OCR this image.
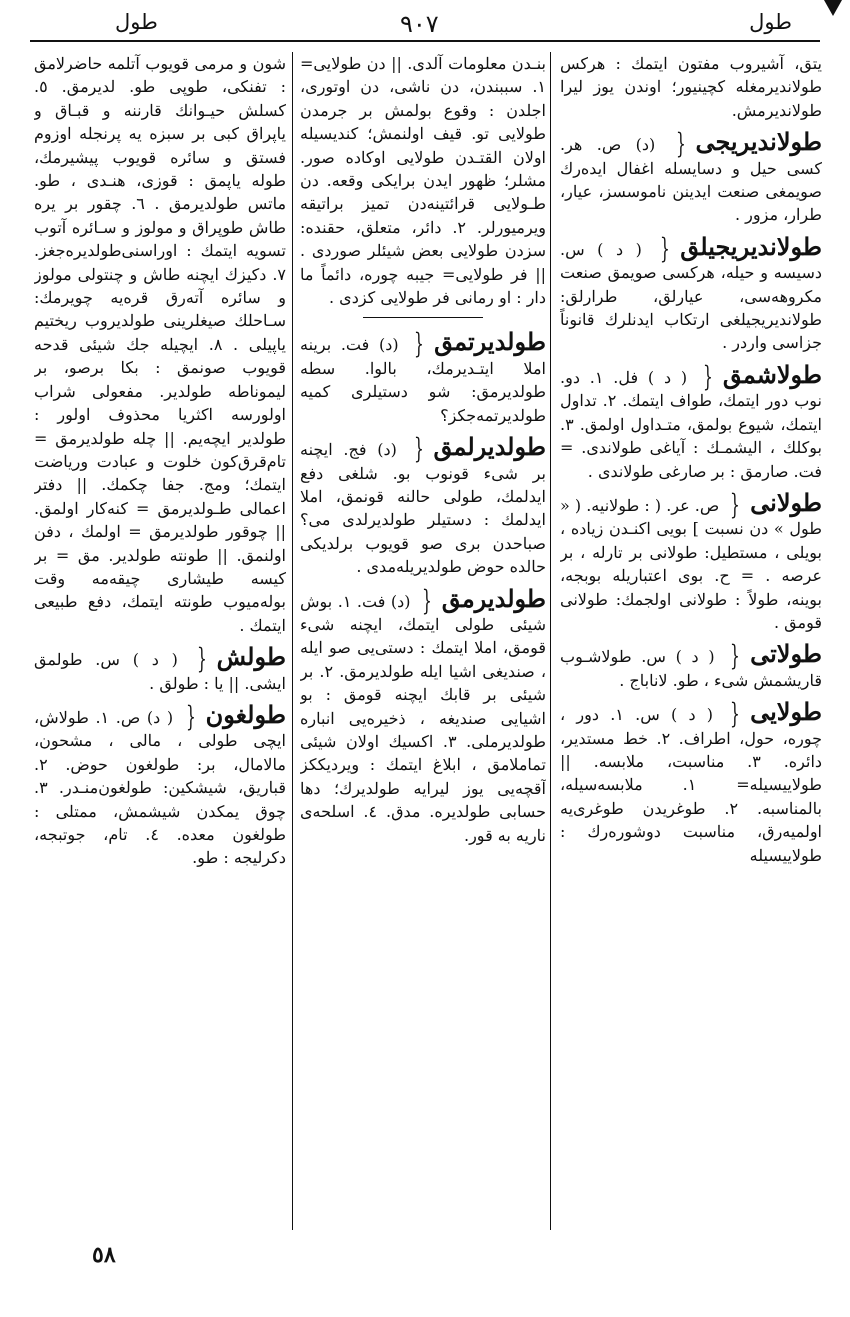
طول	٩٠٧	طول

يتق، آشيروب مفتون ايتمك : هركس طولاندیرمغله کچینیور؛ اوندن یوز لیرا طولاندیرمش.

طولاندیریجی{ (د) ص. هر. کسی حیل و دسایسله اغفال ایدەرك صویمغی صنعت ایدینن ناموسسز، عیار، طرار، مزور .

طولاندیریجیلق{ ( د ) س. دسیسه و حیله، هرکسی صویمق صنعت مکروهەسی، عیارلق، طرارلق: طولاندیریجیلغی ارتکاب ایدنلرك قانوناً جزاسی واردر .

طولاشمق{ ( د ) فل. ١. دو. نوب دور ایتمك، طواف ایتمك. ٢. تداول ایتمك، شیوع بولمق، متـداول اولمق. ٣. بوکلك ، الیشمـك : آیاغی طولاندی. = فت. صارمق : بر صارغی طولاندی .

طولانی{ ص. عر. ( : طولانیه. ( « طول » دن نسبت ] بویی اکنـدن زیاده ، بویلی ، مستطیل: طولانی بر تارله ، بر عرصه . = ح. بوی اعتباریله بوبجه، بوینه، طولاً : طولانی اولجمك: طولانی قومق .

طولاتی{ ( د ) س. طولاشـوب قاریشمش شیء ، طو. لاناباج .

طولایی{ ( د ) س. ١. دور ، چوره، حول، اطراف. ٢. خط مستدیر، دائره. ٣. مناسبت، ملابسه. || طولاییسیله= ١. ملابسه‌سیله، بالمناسبه. ٢. طوغریدن طوغری‌یه اولمیه‌رق، مناسبت دوشورەرك : طولاییسیله

بنـدن معلومات آلدی. || دن طولایی= ١. سببندن، دن ناشی، دن اوتوری، اجلدن : وقوع بولمش بر جرمدن طولایی تو. قیف اولنمش؛ کندیسیله اولان القتـدن طولایی اوکاده صور. مشلر؛ ظهور ایدن برایکی وقعه. دن طـولایی قرائتینه‌دن تمیز براتیقه ویرمیورلر. ٢. دائر، متعلق، حقنده: سزدن طولایی بعض شیئلر صوردی . || فر طولایی= جیبه چوره، دائماً ما دار : او رمانی فر طولایی کزدی .

طولدیرتمق{ (د) فت. برینه املا ایتـدیرمك، بالوا. سطه طولدیرمق: شو دستیلری کمیه طولدیرتمه‌جکز؟

طولدیرلمق{ (د) فج. ایچنه بر شیء قونوب بو. شلغی دفع ایدلمك، طولی حالنه قونمق، املا ایدلمك : دستیلر طولدیرلدی می؟ صباحدن بری صو قویوب برلدیکی حالده حوض طولدیریله‌مدی .

طولدیرمق{ (د) فت. ١. بوش شیئی طولی ایتمك، ایچنه شیء قومق، املا ایتمك : دستی‌یی صو ایله ، صندیغی اشیا ایله طولدیرمق. ٢. بر شیئی بر قابك ایچنه قومق : بو اشیایی صندیغه ، ذخیره‌یی انباره طولدیرملی. ٣. اکسیك اولان شیئی تماملامق ، ابلاغ ایتمك : ویردیککز آقچه‌یی یوز لیرایه طولدیرك؛ دها حسابی طولدیره. مدق. ٤. اسلحه‌ی ناریه به قور.

شون و مرمی قویوب آتلمه حاضرلامق : تفنکی، طوپی طو. لدیرمق. ٥. کسلش حیـوانك قارننه و قبـاق و یاپراق کبی بر سبزه یه پرنجله اوزوم فستق و سائره قویوب پیشیرمك، طوله یاپمق : قوزی، هنـدی ، طو. ماتس طولدیرمق . ٦. چقور بر یره طاش طوپراق و مولوز و سـائره آتوب تسویه ایتمك : اوراسنی‌طولدیره‌جغز. ٧. دکیزك ایچنه طاش و چنتولی مولوز و سائره آتەرق قره‌یه چویرمك: سـاحلك صیغلرینی طولدیروب ریختیم یاپیلی . ٨. ایچیله جك شیئی قدحه قویوب صونمق : بکا برصو، بر لیموناطه طولدیر. مفعولی شراب اولورسه اکثریا محذوف اولور : طولدیر ایچه‌یم. || چله طولدیرمق = تام‌قرق‌کون خلوت و عبادت وریاضت ایتمك؛ ومج. جفا چکمك. || دفتر اعمالی طـولدیرمق = کنه‌کار اولمق. || چوقور طولدیرمق = اولمك ، دفن اولنمق. || طونته طولدیر. مق = بر کیسه طیشاری چیقه‌مه وقت بوله‌میوب طونته ایتمك، دفع طبیعی ایتمك .

طولش{ ( د ) س. طولمق ایشی. || یا : طولق .

طولغون{ ( د) ص. ١. طولاش، ایچی طولی ، مالی ، مشحون، مالامال، بر: طولغون حوض. ٢. قباریق، شیشکین: طولغون‌منـدر. ٣. چوق یمکدن شیشمش، ممتلی : طولغون معده. ٤. تام، جوتبجه، دکرلیجه : طو.

٥٨
